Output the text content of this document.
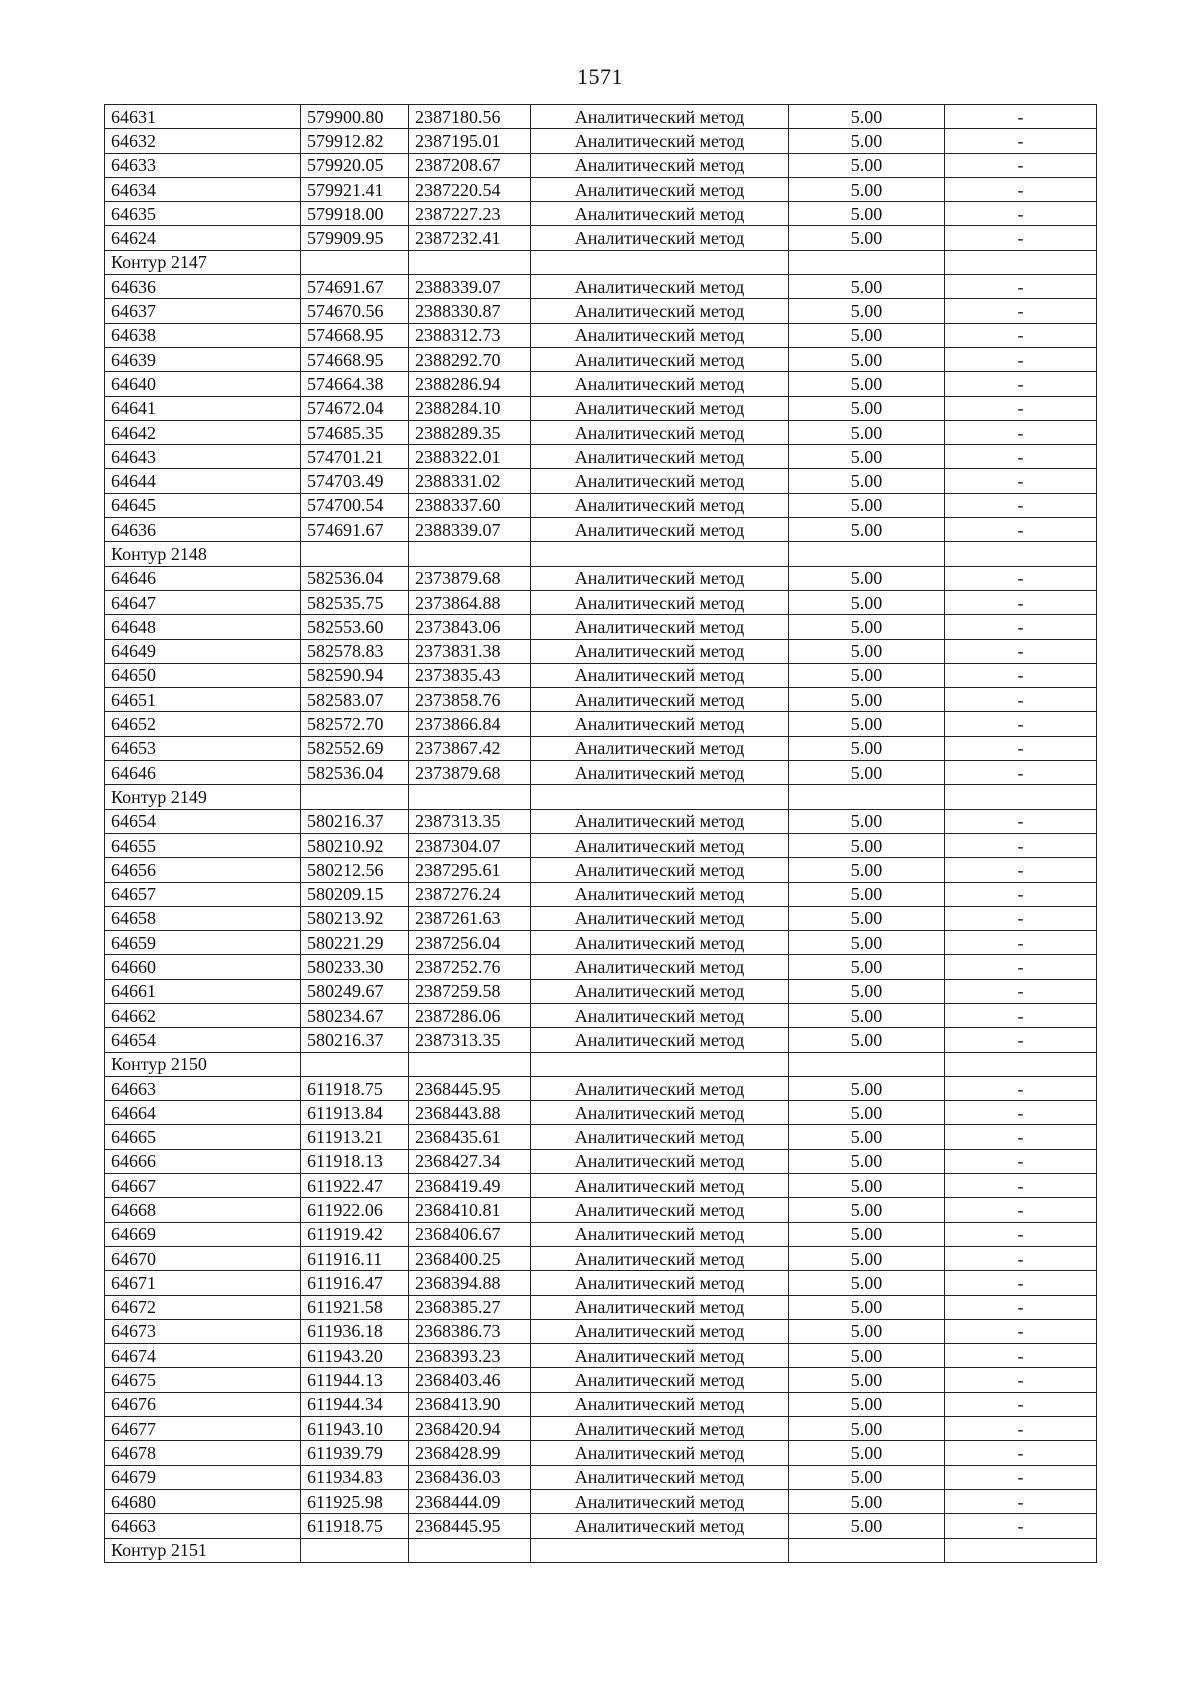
1571
64631	579900.80	2387180.56	Аналитический метод	5.00	-
64632	579912.82	2387195.01	Аналитический метод	5.00	-
64633	579920.05	2387208.67	Аналитический метод	5.00	-
64634	579921.41	2387220.54	Аналитический метод	5.00	-
64635	579918.00	2387227.23	Аналитический метод	5.00	-
64624	579909.95	2387232.41	Аналитический метод	5.00	-
Контур 2147					
64636	574691.67	2388339.07	Аналитический метод	5.00	-
64637	574670.56	2388330.87	Аналитический метод	5.00	-
64638	574668.95	2388312.73	Аналитический метод	5.00	-
64639	574668.95	2388292.70	Аналитический метод	5.00	-
64640	574664.38	2388286.94	Аналитический метод	5.00	-
64641	574672.04	2388284.10	Аналитический метод	5.00	-
64642	574685.35	2388289.35	Аналитический метод	5.00	-
64643	574701.21	2388322.01	Аналитический метод	5.00	-
64644	574703.49	2388331.02	Аналитический метод	5.00	-
64645	574700.54	2388337.60	Аналитический метод	5.00	-
64636	574691.67	2388339.07	Аналитический метод	5.00	-
Контур 2148					
64646	582536.04	2373879.68	Аналитический метод	5.00	-
64647	582535.75	2373864.88	Аналитический метод	5.00	-
64648	582553.60	2373843.06	Аналитический метод	5.00	-
64649	582578.83	2373831.38	Аналитический метод	5.00	-
64650	582590.94	2373835.43	Аналитический метод	5.00	-
64651	582583.07	2373858.76	Аналитический метод	5.00	-
64652	582572.70	2373866.84	Аналитический метод	5.00	-
64653	582552.69	2373867.42	Аналитический метод	5.00	-
64646	582536.04	2373879.68	Аналитический метод	5.00	-
Контур 2149					
64654	580216.37	2387313.35	Аналитический метод	5.00	-
64655	580210.92	2387304.07	Аналитический метод	5.00	-
64656	580212.56	2387295.61	Аналитический метод	5.00	-
64657	580209.15	2387276.24	Аналитический метод	5.00	-
64658	580213.92	2387261.63	Аналитический метод	5.00	-
64659	580221.29	2387256.04	Аналитический метод	5.00	-
64660	580233.30	2387252.76	Аналитический метод	5.00	-
64661	580249.67	2387259.58	Аналитический метод	5.00	-
64662	580234.67	2387286.06	Аналитический метод	5.00	-
64654	580216.37	2387313.35	Аналитический метод	5.00	-
Контур 2150					
64663	611918.75	2368445.95	Аналитический метод	5.00	-
64664	611913.84	2368443.88	Аналитический метод	5.00	-
64665	611913.21	2368435.61	Аналитический метод	5.00	-
64666	611918.13	2368427.34	Аналитический метод	5.00	-
64667	611922.47	2368419.49	Аналитический метод	5.00	-
64668	611922.06	2368410.81	Аналитический метод	5.00	-
64669	611919.42	2368406.67	Аналитический метод	5.00	-
64670	611916.11	2368400.25	Аналитический метод	5.00	-
64671	611916.47	2368394.88	Аналитический метод	5.00	-
64672	611921.58	2368385.27	Аналитический метод	5.00	-
64673	611936.18	2368386.73	Аналитический метод	5.00	-
64674	611943.20	2368393.23	Аналитический метод	5.00	-
64675	611944.13	2368403.46	Аналитический метод	5.00	-
64676	611944.34	2368413.90	Аналитический метод	5.00	-
64677	611943.10	2368420.94	Аналитический метод	5.00	-
64678	611939.79	2368428.99	Аналитический метод	5.00	-
64679	611934.83	2368436.03	Аналитический метод	5.00	-
64680	611925.98	2368444.09	Аналитический метод	5.00	-
64663	611918.75	2368445.95	Аналитический метод	5.00	-
Контур 2151					
